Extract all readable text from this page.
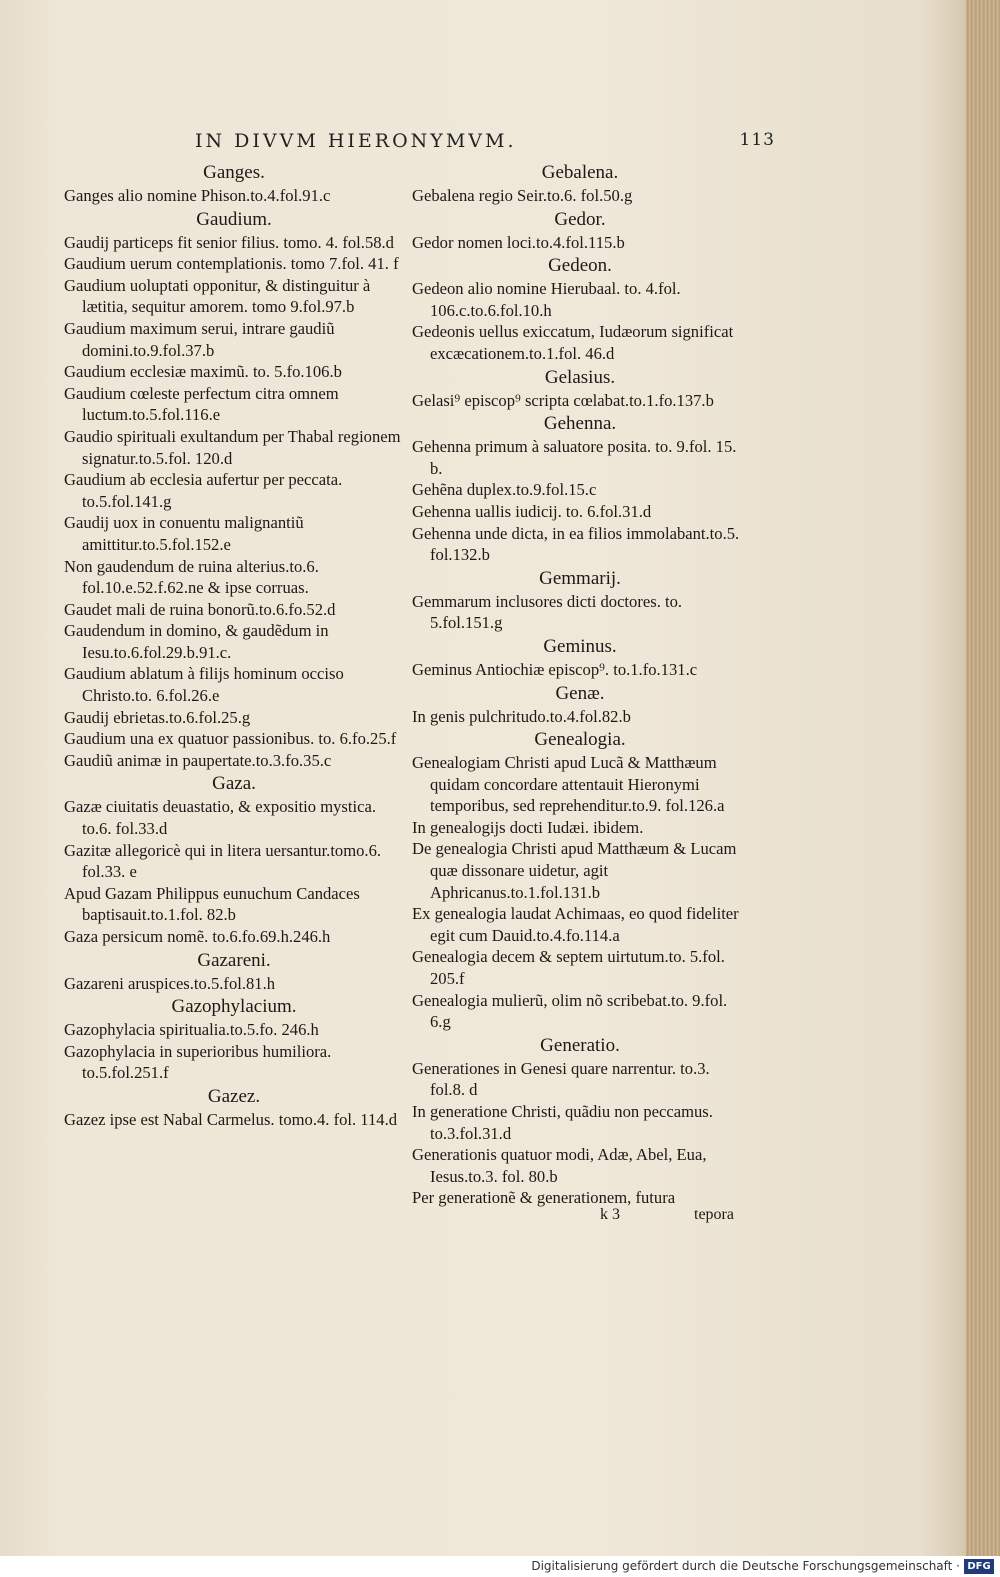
IN DIVVM HIERONYMVM.	113
Ganges.
Ganges alio nomine Phison.to.4.fol.91.c
Gaudium.
Gaudij particeps fit senior filius. tomo. 4. fol.58.d
Gaudium uerum contemplationis. tomo 7.fol. 41. f
Gaudium uoluptati opponitur, & distinguitur à lætitia, sequitur amorem. tomo 9.fol.97.b
Gaudium maximum serui, intrare gaudiũ domini.to.9.fol.37.b
Gaudium ecclesiæ maximũ. to. 5.fo.106.b
Gaudium cœleste perfectum citra omnem luctum.to.5.fol.116.e
Gaudio spirituali exultandum per Thabal regionem signatur.to.5.fol. 120.d
Gaudium ab ecclesia aufertur per peccata. to.5.fol.141.g
Gaudij uox in conuentu malignantiũ amittitur.to.5.fol.152.e
Non gaudendum de ruina alterius.to.6. fol.10.e.52.f.62.ne & ipse corruas.
Gaudet mali de ruina bonorũ.to.6.fo.52.d
Gaudendum in domino, & gaudẽdum in Iesu.to.6.fol.29.b.91.c.
Gaudium ablatum à filijs hominum occiso Christo.to. 6.fol.26.e
Gaudij ebrietas.to.6.fol.25.g
Gaudium una ex quatuor passionibus. to. 6.fo.25.f
Gaudiũ animæ in paupertate.to.3.fo.35.c
Gaza.
Gazæ ciuitatis deuastatio, & expositio mystica. to.6. fol.33.d
Gazitæ allegoricè qui in litera uersantur.tomo.6. fol.33. e
Apud Gazam Philippus eunuchum Candaces baptisauit.to.1.fol. 82.b
Gaza persicum nomẽ. to.6.fo.69.h.246.h
Gazareni.
Gazareni aruspices.to.5.fol.81.h
Gazophylacium.
Gazophylacia spiritualia.to.5.fo. 246.h
Gazophylacia in superioribus humiliora. to.5.fol.251.f
Gazez.
Gazez ipse est Nabal Carmelus. tomo.4. fol. 114.d
Gebalena.
Gebalena regio Seir.to.6. fol.50.g
Gedor.
Gedor nomen loci.to.4.fol.115.b
Gedeon.
Gedeon alio nomine Hierubaal. to. 4.fol. 106.c.to.6.fol.10.h
Gedeonis uellus exiccatum, Iudæorum significat excæcationem.to.1.fol. 46.d
Gelasius.
Gelasi⁹ episcop⁹ scripta cœlabat.to.1.fo.137.b
Gehenna.
Gehenna primum à saluatore posita. to. 9.fol. 15. b.
Gehẽna duplex.to.9.fol.15.c
Gehenna uallis iudicij. to. 6.fol.31.d
Gehenna unde dicta, in ea filios immolabant.to.5. fol.132.b
Gemmarij.
Gemmarum inclusores dicti doctores. to. 5.fol.151.g
Geminus.
Geminus Antiochiæ episcop⁹. to.1.fo.131.c
Genæ.
In genis pulchritudo.to.4.fol.82.b
Genealogia.
Genealogiam Christi apud Lucã & Matthæum quidam concordare attentauit Hieronymi temporibus, sed reprehenditur.to.9. fol.126.a
In genealogijs docti Iudæi. ibidem.
De genealogia Christi apud Matthæum & Lucam quæ dissonare uidetur, agit Aphricanus.to.1.fol.131.b
Ex genealogia laudat Achimaas, eo quod fideliter egit cum Dauid.to.4.fo.114.a
Genealogia decem & septem uirtutum.to. 5.fol. 205.f
Genealogia mulierũ, olim nõ scribebat.to. 9.fol. 6.g
Generatio.
Generationes in Genesi quare narrentur. to.3. fol.8. d
In generatione Christi, quãdiu non peccamus. to.3.fol.31.d
Generationis quatuor modi, Adæ, Abel, Eua, Iesus.to.3. fol. 80.b
Per generationẽ & generationem, futura
k 3	tepora
Digitalisierung gefördert durch die Deutsche Forschungsgemeinschaft · DFG
